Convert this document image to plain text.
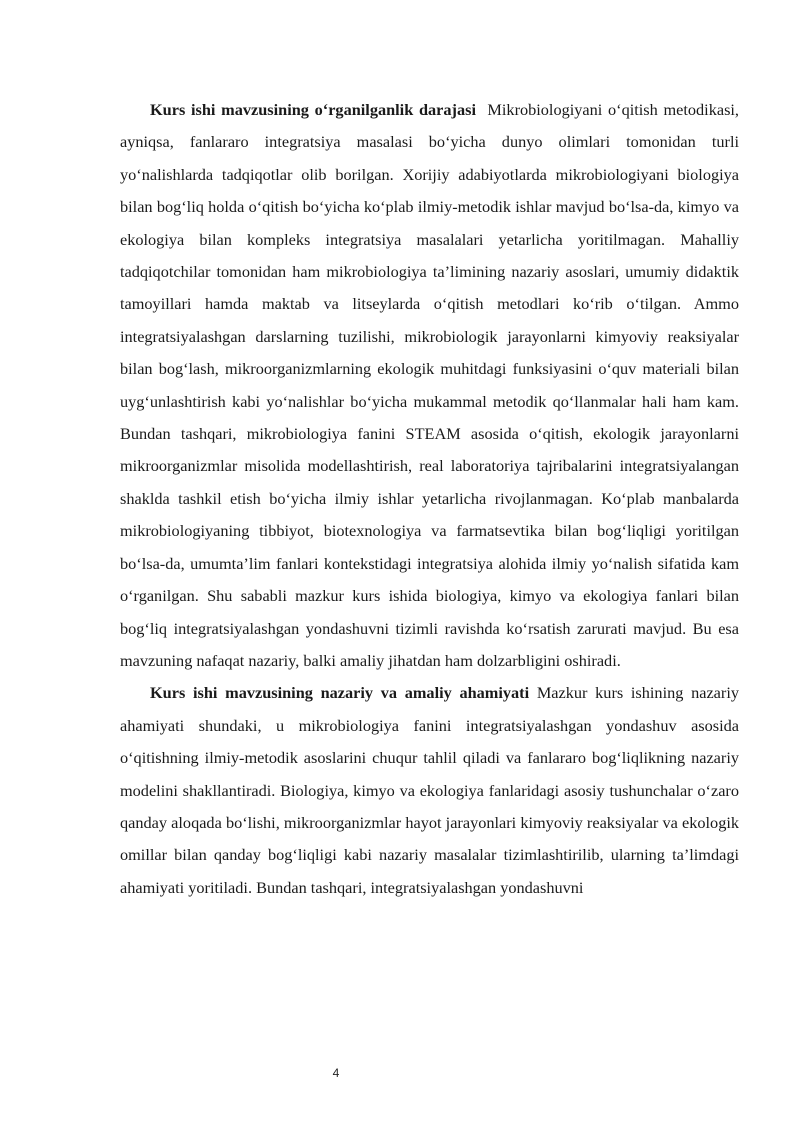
Kurs ishi mavzusining oʻrganilganlik darajasi Mikrobiologiyani oʻqitish metodikasi, ayniqsa, fanlararo integratsiya masalasi boʻyicha dunyo olimlari tomonidan turli yoʻnalishlarda tadqiqotlar olib borilgan. Xorijiy adabiyotlarda mikrobiologiyani biologiya bilan bogʻliq holda oʻqitish boʻyicha koʻplab ilmiy-metodik ishlar mavjud boʻlsa-da, kimyo va ekologiya bilan kompleks integratsiya masalalari yetarlicha yoritilmagan. Mahalliy tadqiqotchilar tomonidan ham mikrobiologiya taʼlimining nazariy asoslari, umumiy didaktik tamoyillari hamda maktab va litseylarda oʻqitish metodlari koʻrib oʻtilgan. Ammo integratsiyalashgan darslarning tuzilishi, mikrobiologik jarayonlarni kimyoviy reaksiyalar bilan bogʻlash, mikroorganizmlarning ekologik muhitdagi funksiyasini oʻquv materiali bilan uygʻunlashtirish kabi yoʻnalishlar boʻyicha mukammal metodik qoʻllanmalar hali ham kam. Bundan tashqari, mikrobiologiya fanini STEAM asosida oʻqitish, ekologik jarayonlarni mikroorganizmlar misolida modellashtirish, real laboratoriya tajribalarini integratsiyalangan shaklda tashkil etish boʻyicha ilmiy ishlar yetarlicha rivojlanmagan. Koʻplab manbalarda mikrobiologiyaning tibbiyot, biotexnologiya va farmatsevtika bilan bogʻliqligi yoritilgan boʻlsa-da, umumtaʼlim fanlari kontekstidagi integratsiya alohida ilmiy yoʻnalish sifatida kam oʻrganilgan. Shu sababli mazkur kurs ishida biologiya, kimyo va ekologiya fanlari bilan bogʻliq integratsiyalashgan yondashuvni tizimli ravishda koʻrsatish zarurati mavjud. Bu esa mavzuning nafaqat nazariy, balki amaliy jihatdan ham dolzarbligini oshiradi.

Kurs ishi mavzusining nazariy va amaliy ahamiyati Mazkur kurs ishining nazariy ahamiyati shundaki, u mikrobiologiya fanini integratsiyalashgan yondashuv asosida oʻqitishning ilmiy-metodik asoslarini chuqur tahlil qiladi va fanlararo bogʻliqlikning nazariy modelini shakllantiradi. Biologiya, kimyo va ekologiya fanlaridagi asosiy tushunchalar oʻzaro qanday aloqada boʻlishi, mikroorganizmlar hayot jarayonlari kimyoviy reaksiyalar va ekologik omillar bilan qanday bogʻliqligi kabi nazariy masalalar tizimlashtirilib, ularning taʼlimdagi ahamiyati yoritiladi. Bundan tashqari, integratsiyalashgan yondashuvni

4
